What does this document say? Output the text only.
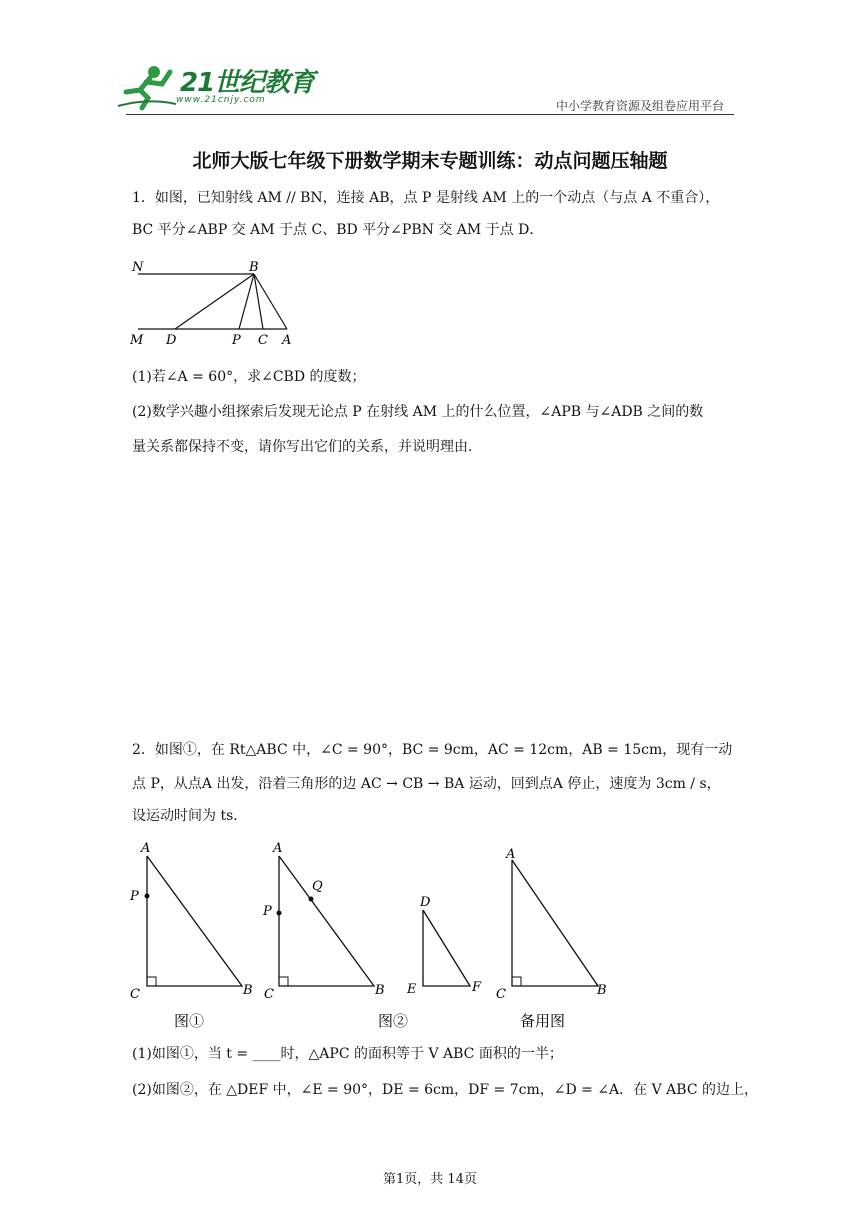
21世纪教育
www.21cnjy.com	中小学教育资源及组卷应用平台
北师大版七年级下册数学期末专题训练：动点问题压轴题
1．如图，已知射线 AM // BN，连接 AB，点 P 是射线 AM 上的一个动点（与点 A 不重合），
BC 平分∠ABP 交 AM 于点 C、BD 平分∠PBN 交 AM 于点 D．
N	B
M D	P C A
(1)若∠A = 60°，求∠CBD 的度数；
(2)数学兴趣小组探索后发现无论点 P 在射线 AM 上的什么位置，∠APB 与∠ADB 之间的数
量关系都保持不变，请你写出它们的关系，并说明理由．
2．如图①，在 Rt△ABC 中，∠C = 90°，BC = 9cm，AC = 12cm，AB = 15cm，现有一动
点 P，从点A 出发，沿着三角形的边 AC → CB → BA 运动，回到点A 停止，速度为 3cm / s，
设运动时间为 ts．
A
P
C	B
图①
A
Q
P
C	B
图②
D
E	F
A
C	B
备用图
(1)如图①，当 t = ____时，△APC 的面积等于 V ABC 面积的一半；
(2)如图②，在 △DEF 中，∠E = 90°，DE = 6cm，DF = 7cm，∠D = ∠A．在 V ABC 的边上，
第1页，共 14页
